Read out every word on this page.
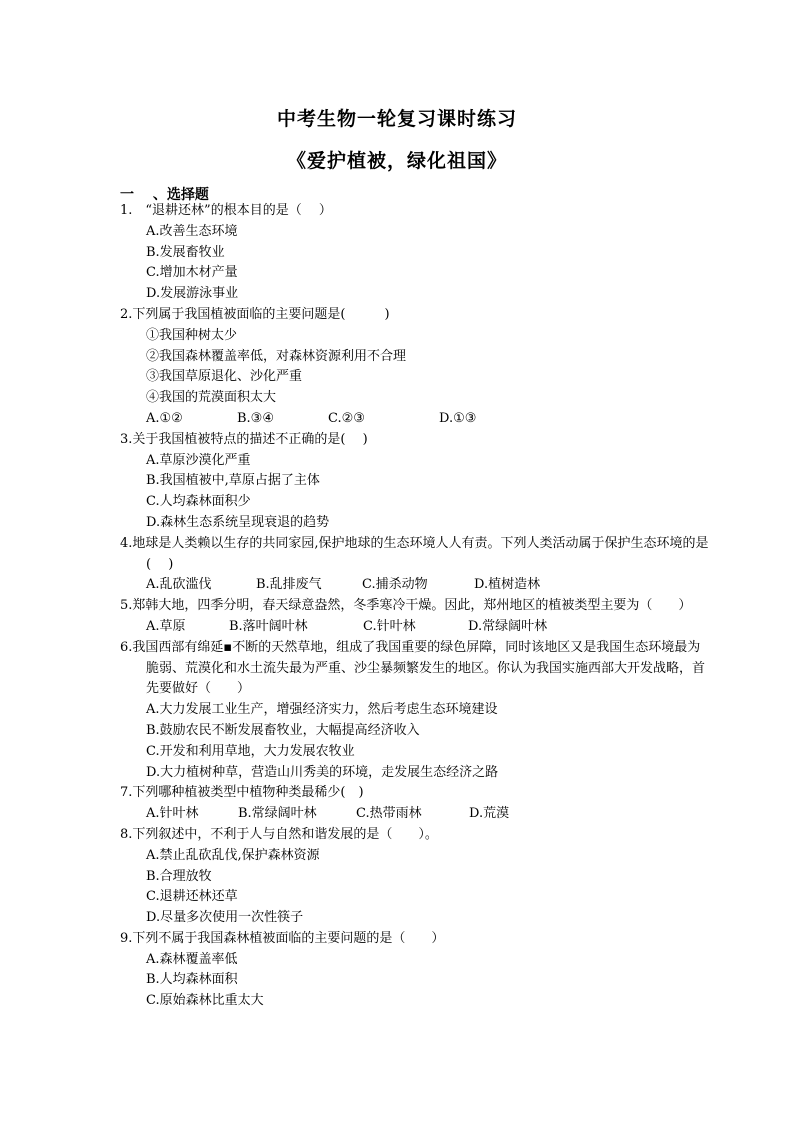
中考生物一轮复习课时练习
《爱护植被，绿化祖国》
一 　、选择题

1.　“退耕还林”的根本目的是（　 ）

A.改善生态环境

B.发展畜牧业

C.增加木材产量

D.发展游泳事业

2.下列属于我国植被面临的主要问题是(　　　)

①我国种树太少

②我国森林覆盖率低，对森林资源利用不合理

③我国草原退化、沙化严重

④我国的荒漠面积太大

A.①②	B.③④	C.②③	D.①③

3.关于我国植被特点的描述不正确的是(　 )

A.草原沙漠化严重

B.我国植被中,草原占据了主体

C.人均森林面积少

D.森林生态系统呈现衰退的趋势

4.地球是人类赖以生存的共同家园,保护地球的生态环境人人有责。下列人类活动属于保护生态环境的是(　 )

A.乱砍滥伐	B.乱排废气	C.捕杀动物	D.植树造林

5.郑韩大地，四季分明，春天绿意盎然，冬季寒冷干燥。因此，郑州地区的植被类型主要为（　　）

A.草原	B.落叶阔叶林	C.针叶林	D.常绿阔叶林

6.我国西部有绵延▪不断的天然草地，组成了我国重要的绿色屏障，同时该地区又是我国生态环境最为脆弱、荒漠化和水土流失最为严重、沙尘暴频繁发生的地区。你认为我国实施西部大开发战略，首先要做好（　　）

A.大力发展工业生产，增强经济实力，然后考虑生态环境建设

B.鼓励农民不断发展畜牧业，大幅提高经济收入

C.开发和利用草地，大力发展农牧业

D.大力植树种草，营造山川秀美的环境，走发展生态经济之路

7.下列哪种植被类型中植物种类最稀少(　)

A.针叶林	B.常绿阔叶林	C.热带雨林	D.荒漠

8.下列叙述中，不利于人与自然和谐发展的是（　　）。

A.禁止乱砍乱伐,保护森林资源

B.合理放牧

C.退耕还林还草

D.尽量多次使用一次性筷子

9.下列不属于我国森林植被面临的主要问题的是（　　）

A.森林覆盖率低

B.人均森林面积

C.原始森林比重太大
